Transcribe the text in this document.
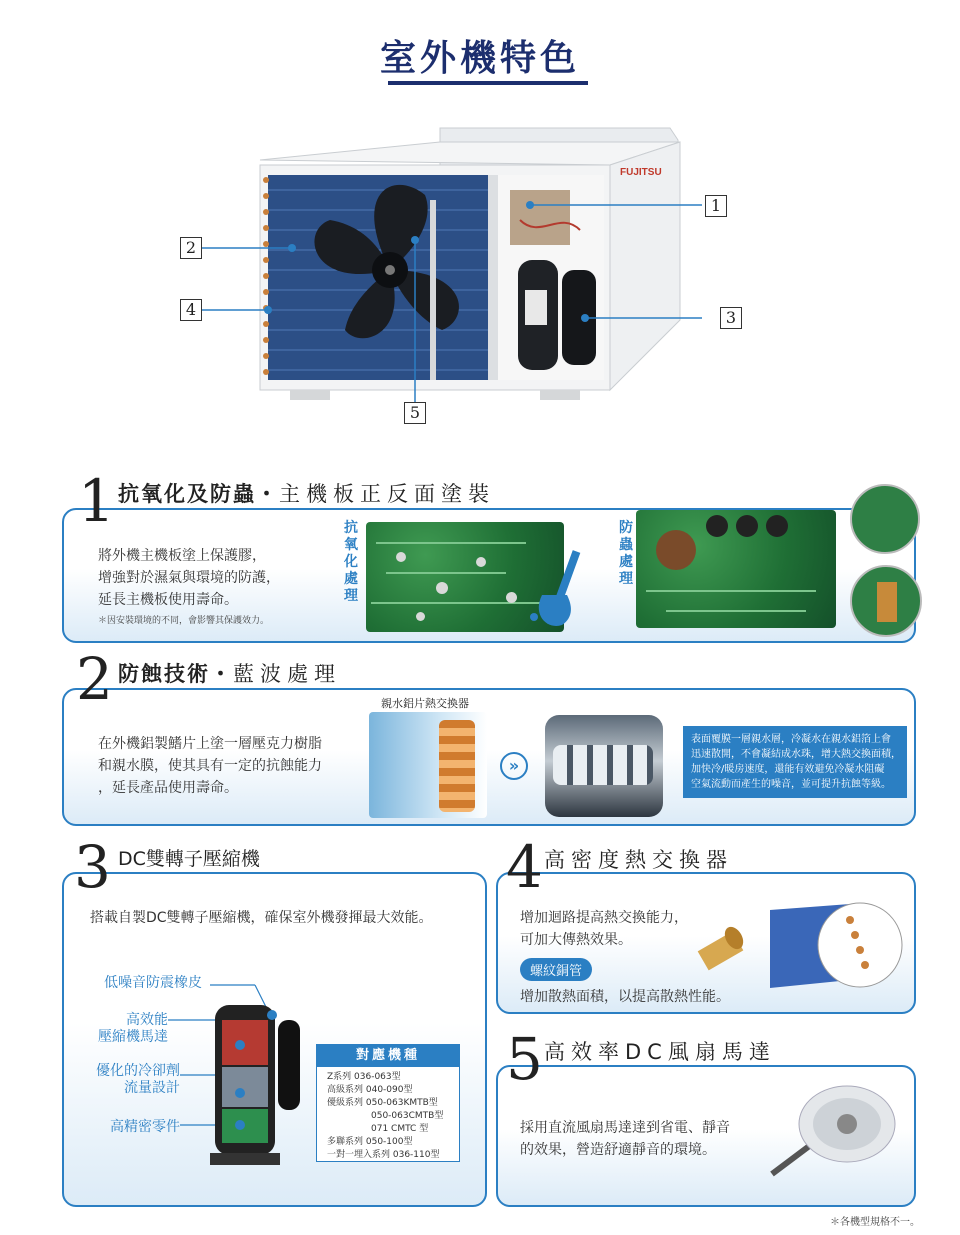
室外機特色
FUJITSU
1
2
3
4
5
1 抗氧化及防蟲・主機板正反面塗裝
將外機主機板塗上保護膠，
增強對於濕氣與環境的防護，
延長主機板使用壽命。
＊因安裝環境的不同，會影響其保護效力。
抗
氧
化
處
理
防
蟲
處
理
2 防蝕技術・藍波處理
在外機鋁製鰭片上塗一層壓克力樹脂
和親水膜，使其具有一定的抗蝕能力
，延長產品使用壽命。
親水鋁片熱交換器
»
表面覆膜一層親水層，冷凝水在親水鋁箔上會
迅速散開，不會凝結成水珠，增大熱交換面積，
加快冷/暖房速度，還能有效避免冷凝水阻礙
空氣流動而產生的噪音，並可提升抗蝕等級。
3 DC雙轉子壓縮機
搭載自製DC雙轉子壓縮機，確保室外機發揮最大效能。
低噪音防震橡皮
高效能
壓縮機馬達
優化的冷卻劑
流量設計
高精密零件
對應機種
Z系列 036-063型
高級系列 040-090型
優級系列 050-063KMTB型
050-063CMTB型
071 CMTC 型
多聯系列 050-100型
一對一埋入系列 036-110型
4 高密度熱交換器
增加迴路提高熱交換能力，
可加大傳熱效果。
螺紋銅管
增加散熱面積，以提高散熱性能。
5 高效率DC風扇馬達
採用直流風扇馬達達到省電、靜音
的效果，營造舒適靜音的環境。
＊各機型規格不一。
